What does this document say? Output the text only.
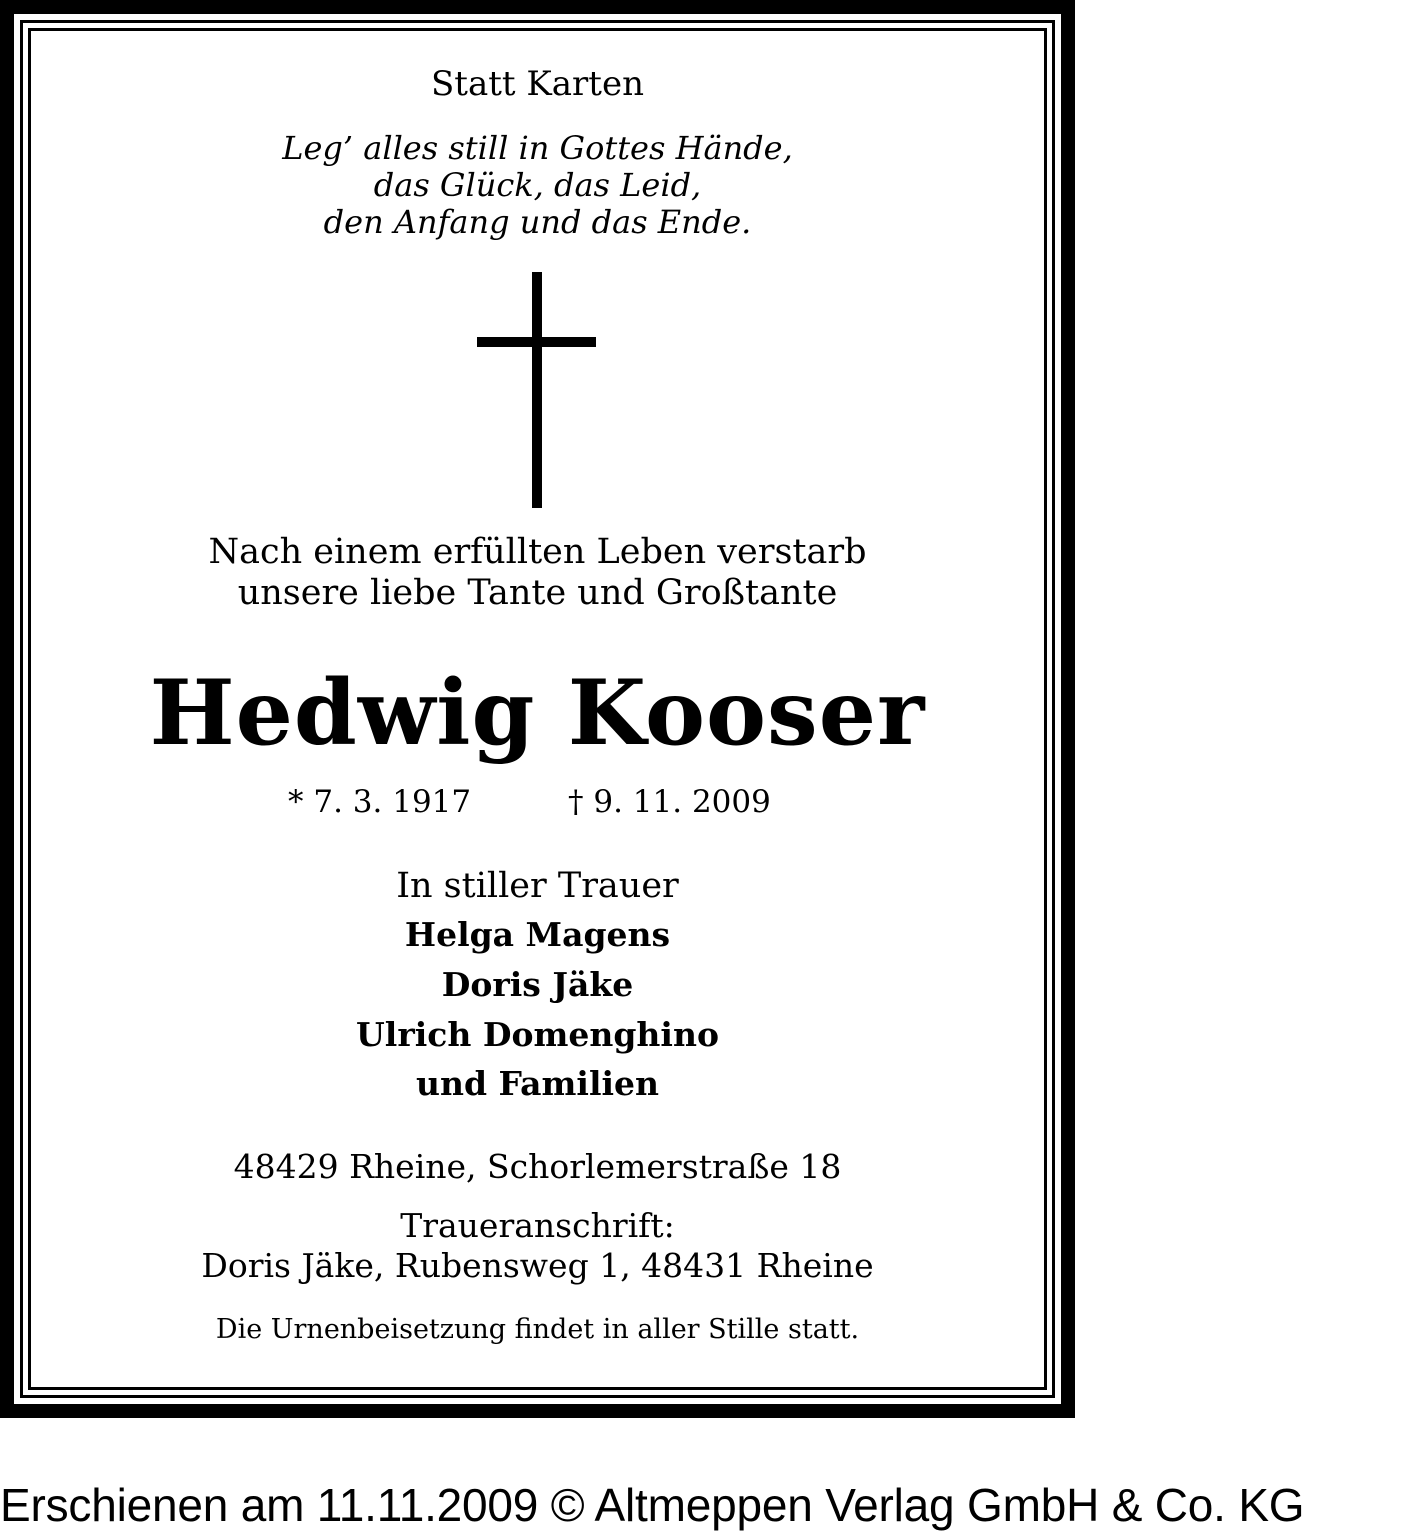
Statt Karten
Leg’ alles still in Gottes Hände,
das Glück, das Leid,
den Anfang und das Ende.
Nach einem erfüllten Leben verstarb
unsere liebe Tante und Großtante
Hedwig Kooser
* 7. 3. 1917	† 9. 11. 2009
In stiller Trauer
Helga Magens
Doris Jäke
Ulrich Domenghino
und Familien
48429 Rheine, Schorlemerstraße 18
Traueranschrift:
Doris Jäke, Rubensweg 1, 48431 Rheine
Die Urnenbeisetzung findet in aller Stille statt.
Erschienen am 11.11.2009 © Altmeppen Verlag GmbH & Co. KG
